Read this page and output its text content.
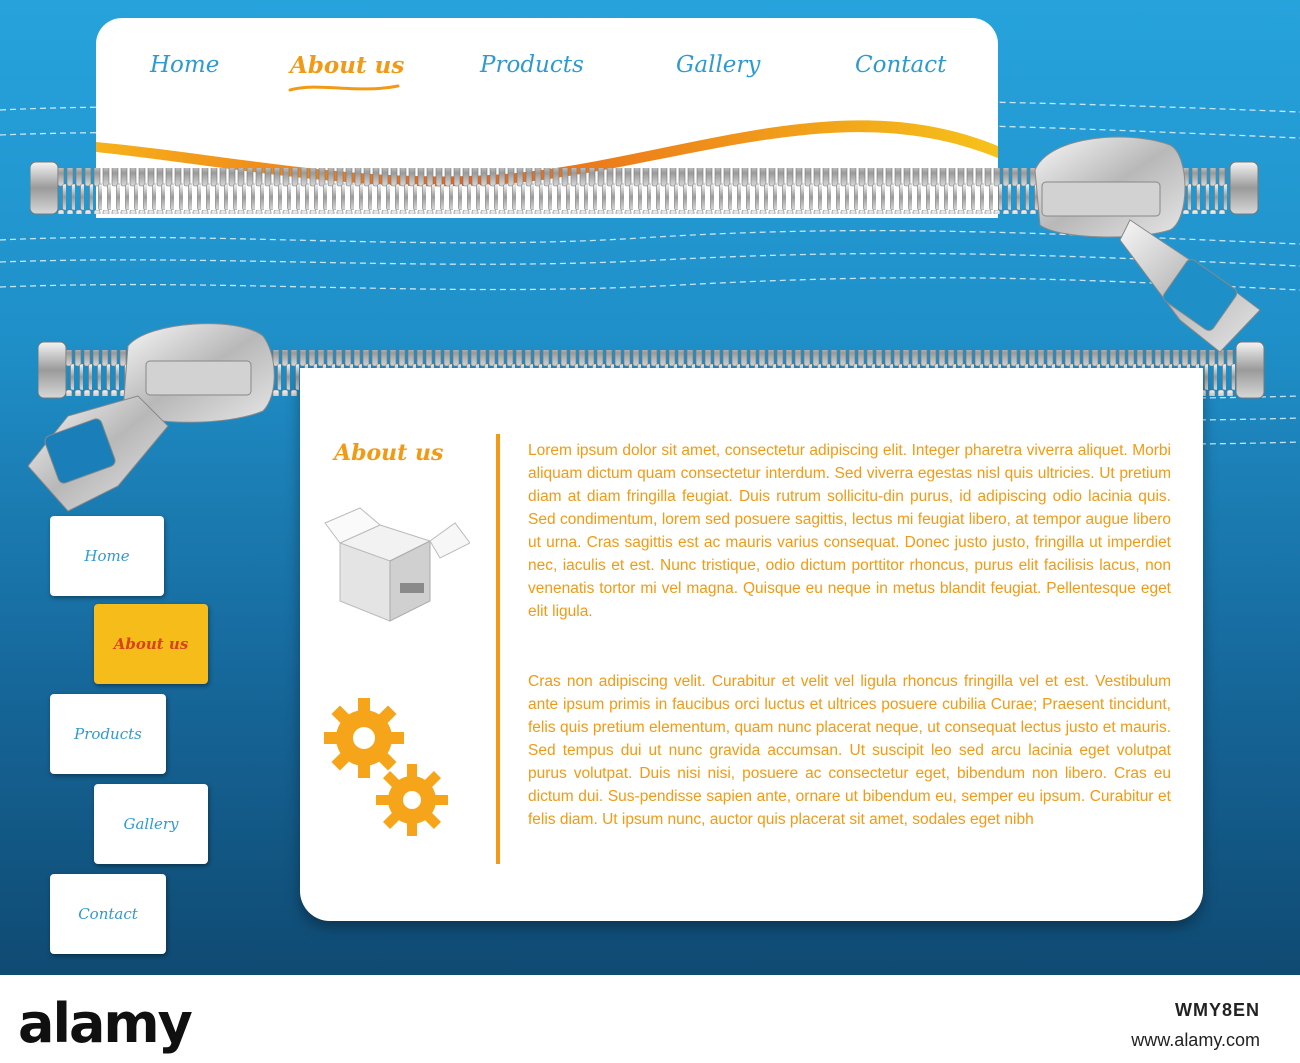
Home	About us	Products	Gallery	Contact
About us	Lorem ipsum dolor sit amet, consectetur adipiscing elit. Integer pharetra viverra aliquet. Morbi aliquam dictum quam consectetur interdum. Sed viverra egestas nisl quis ultricies. Ut pretium diam at diam fringilla feugiat. Duis rutrum sollicitu-din purus, id adipiscing odio lacinia quis. Sed condimentum, lorem sed posuere sagittis, lectus mi feugiat libero, at tempor augue libero ut urna. Cras sagittis est ac mauris varius consequat. Donec justo justo, fringilla ut imperdiet nec, iaculis et est. Nunc tristique, odio dictum porttitor rhoncus, purus elit facilisis lacus, non venenatis tortor mi vel magna. Quisque eu neque in metus blandit feugiat. Pellentesque eget elit ligula.

Cras non adipiscing velit. Curabitur et velit vel ligula rhoncus fringilla vel et est. Vestibulum ante ipsum primis in faucibus orci luctus et ultrices posuere cubilia Curae; Praesent tincidunt, felis quis pretium elementum, quam nunc placerat neque, ut consequat lectus justo et mauris. Sed tempus dui ut nunc gravida accumsan. Ut suscipit leo sed arcu lacinia eget volutpat purus volutpat. Duis nisi nisi, posuere ac consectetur eget, bibendum non libero. Cras eu dictum dui. Sus-pendisse sapien ante, ornare ut bibendum eu, semper eu ipsum. Curabitur et felis diam. Ut ipsum nunc, auctor quis placerat sit amet, sodales eget nibh

Home
About us
Products
Gallery
Contact
alamy	WMY8EN
www.alamy.com
